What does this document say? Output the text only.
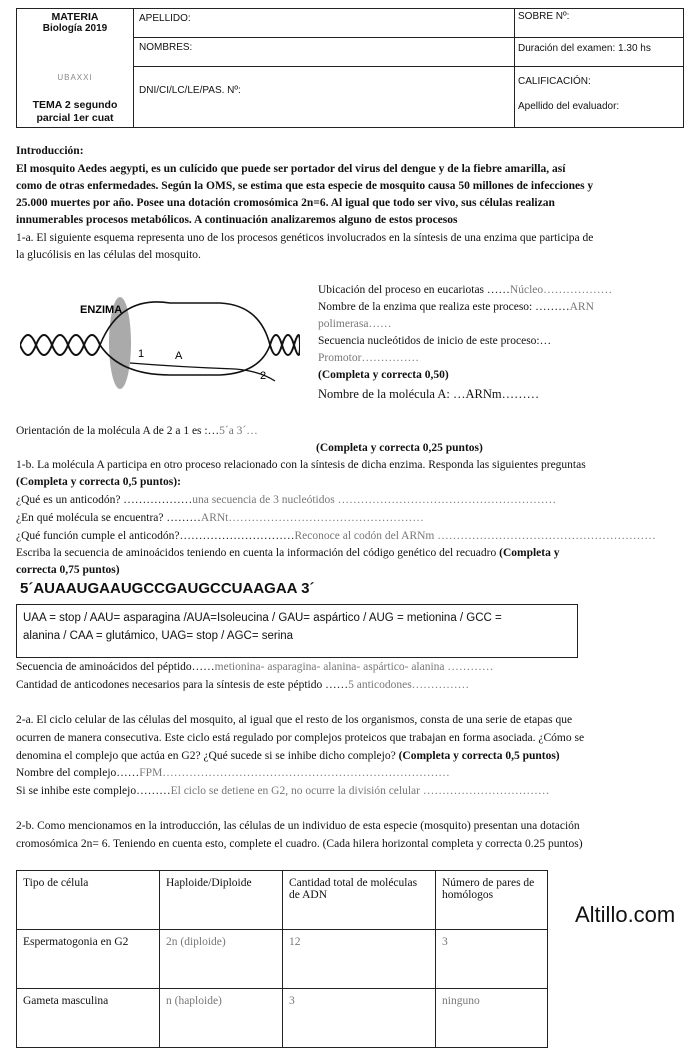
MATERIA
Biología 2019
UBAXXI
TEMA 2 segundo
parcial 1er cuat
APELLIDO:
NOMBRES:
DNI/CI/LC/LE/PAS. Nº:
SOBRE Nº:
Duración del examen: 1.30 hs
CALIFICACIÓN:
Apellido del evaluador:
Introducción:
El mosquito Aedes aegypti, es un culícido que puede ser portador del virus del dengue y de la fiebre amarilla, así
como de otras enfermedades. Según la OMS, se estima que esta especie de mosquito causa 50 millones de infecciones y
25.000 muertes por año. Posee una dotación cromosómica 2n=6. Al igual que todo ser vivo, sus células realizan
innumerables procesos metabólicos. A continuación analizaremos alguno de estos procesos
1-a. El siguiente esquema representa uno de los procesos genéticos involucrados en la síntesis de una enzima que participa de
la glucólisis en las células del mosquito.
ENZIMA
1	A
2
Ubicación del proceso en eucariotas ……Núcleo………………
Nombre de la enzima que realiza este proceso: ………ARN
polimerasa……
Secuencia nucleótidos de inicio de este proceso:…
Promotor……………
(Completa y correcta 0,50)
Nombre de la molécula A: …ARNm………
Orientación de la molécula A de 2 a 1 es :…5´a 3´…
(Completa y correcta 0,25 puntos)
1-b. La molécula A participa en otro proceso relacionado con la síntesis de dicha enzima. Responda las siguientes preguntas
(Completa y correcta 0,5 puntos):
¿Qué es un anticodón? ………………una secuencia de 3 nucleótidos …………………………………………………
¿En qué molécula se encuentra? ………ARNt……………………………………………
¿Qué función cumple el anticodón?…………………………Reconoce al codón del ARNm …………………………………………………
Escriba la secuencia de aminoácidos teniendo en cuenta la información del código genético del recuadro (Completa y
correcta 0,75 puntos)
5´AUAAUGAAUGCCGAUGCCUAAGAA 3´
UAA = stop / AAU= asparagina /AUA=Isoleucina / GAU= aspártico / AUG = metionina / GCC =
alanina / CAA = glutámico, UAG= stop / AGC= serina
Secuencia de aminoácidos del péptido……metionina- asparagina- alanina- aspártico- alanina …………
Cantidad de anticodones necesarios para la síntesis de este péptido ……5 anticodones……………
2-a. El ciclo celular de las células del mosquito, al igual que el resto de los organismos, consta de una serie de etapas que
ocurren de manera consecutiva. Este ciclo está regulado por complejos proteicos que trabajan en forma asociada. ¿Cómo se
denomina el complejo que actúa en G2? ¿Qué sucede si se inhibe dicho complejo? (Completa y correcta 0,5 puntos)
Nombre del complejo……FPM…………………………………………………………………
Si se inhibe este complejo………El ciclo se detiene en G2, no ocurre la división celular ……………………………
2-b. Como mencionamos en la introducción, las células de un individuo de esta especie (mosquito) presentan una dotación
cromosómica 2n= 6. Teniendo en cuenta esto, complete el cuadro. (Cada hilera horizontal completa y correcta 0.25 puntos)
Tipo de célula	Haploide/Diploide	Cantidad total de moléculas de ADN	Número de pares de homólogos
Espermatogonia en G2	2n (diploide)	12	3
Gameta masculina	n (haploide)	3	ninguno
Altillo.com
